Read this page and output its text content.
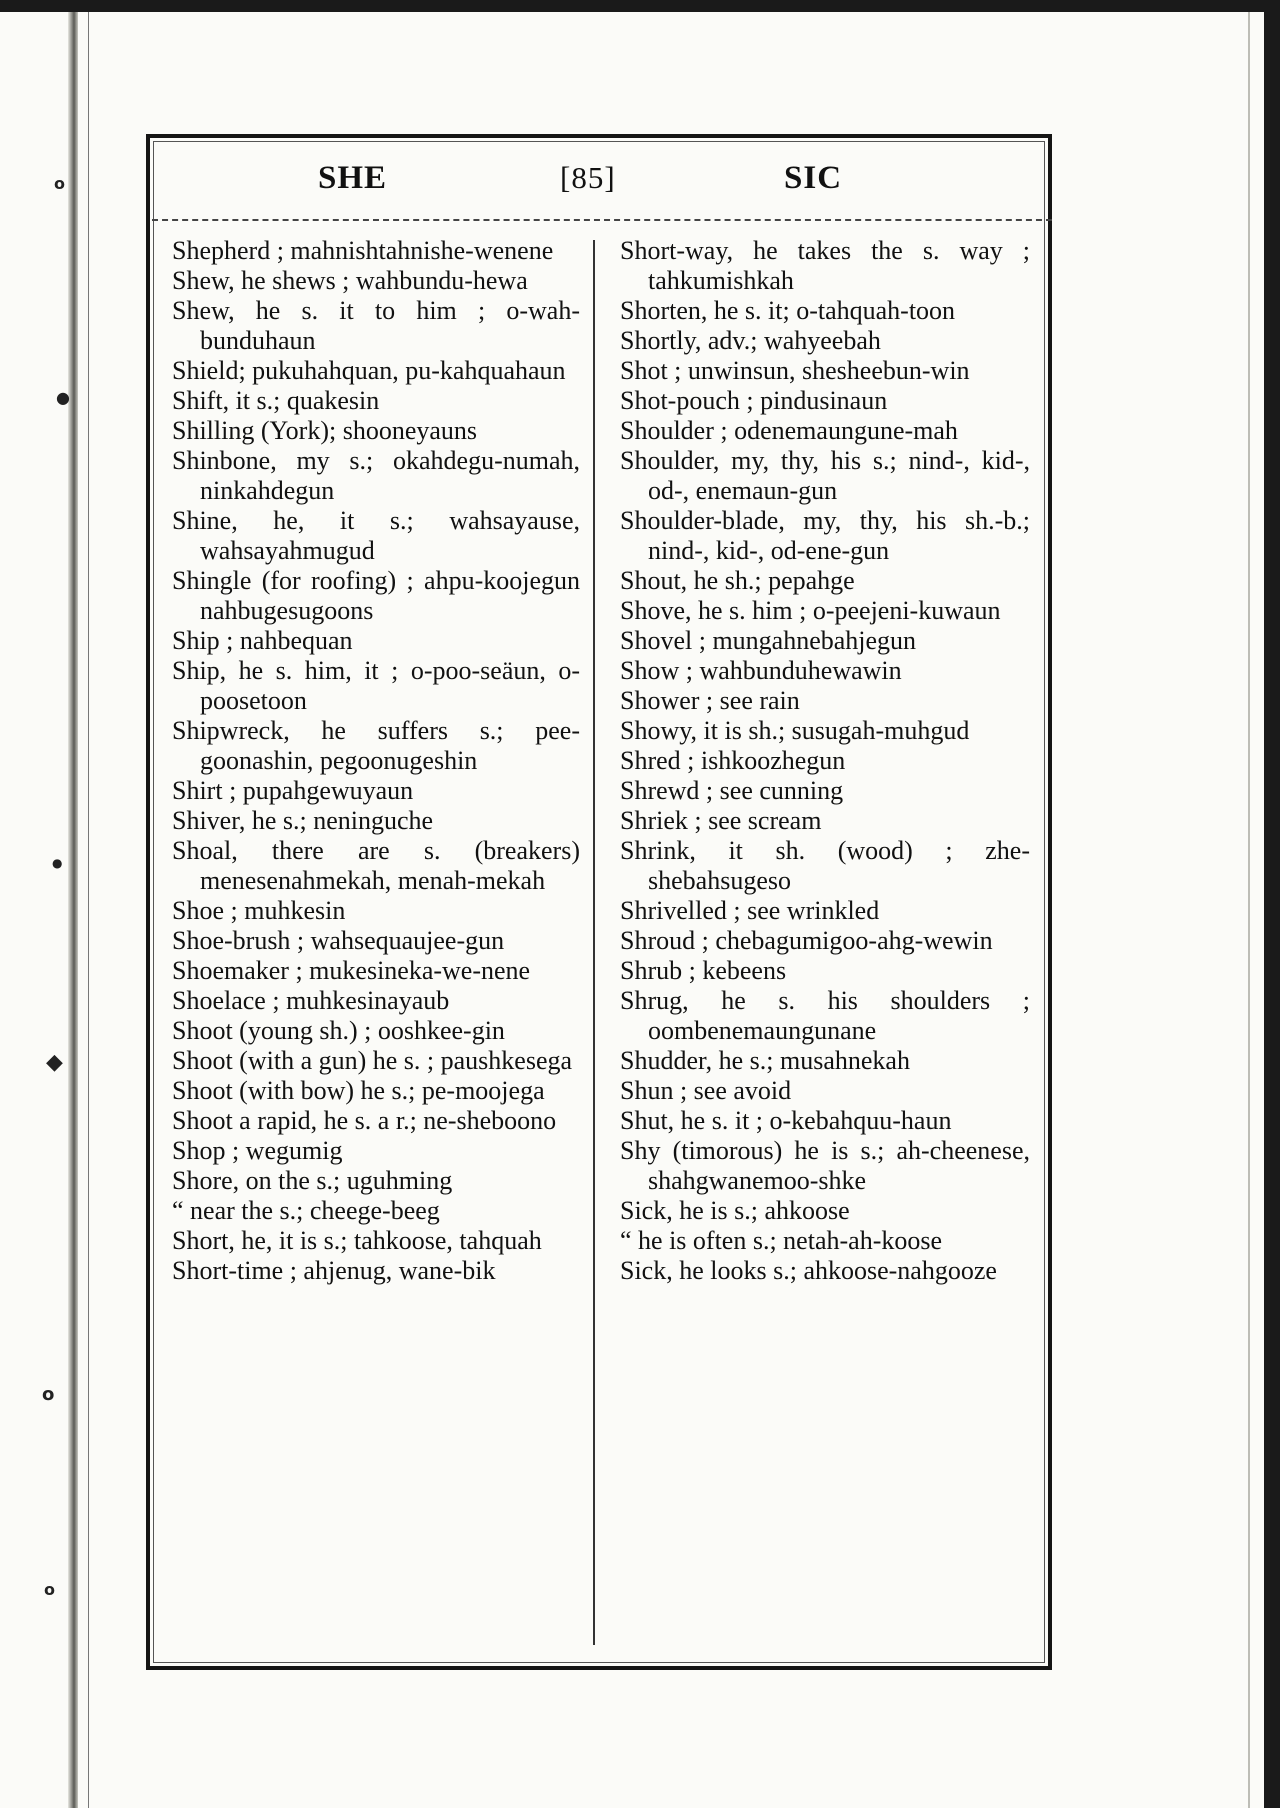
o
●
●
◆
o
o
SHE	[85]	SIC

Shepherd ; mahnishtahnishe-wenene

Shew, he shews ; wahbundu-hewa

Shew, he s. it to him ; o-wah-bunduhaun

Shield; pukuhahquan, pu-kahquahaun

Shift, it s.; quakesin

Shilling (York); shooneyauns

Shinbone, my s.; okahdegu-numah, ninkahdegun

Shine, he, it s.; wahsayause, wahsayahmugud

Shingle (for roofing) ; ahpu-koojegun nahbugesugoons

Ship ; nahbequan

Ship, he s. him, it ; o-poo-seäun, o-poosetoon

Shipwreck, he suffers s.; pee-goonashin, pegoonugeshin

Shirt ; pupahgewuyaun

Shiver, he s.; neninguche

Shoal, there are s. (breakers) menesenahmekah, menah-mekah

Shoe ; muhkesin

Shoe-brush ; wahsequaujee-gun

Shoemaker ; mukesineka-we-nene

Shoelace ; muhkesinayaub

Shoot (young sh.) ; ooshkee-gin

Shoot (with a gun) he s. ; paushkesega

Shoot (with bow) he s.; pe-moojega

Shoot a rapid, he s. a r.; ne-sheboono

Shop ; wegumig

Shore, on the s.; uguhming

“ near the s.; cheege-beeg

Short, he, it is s.; tahkoose, tahquah

Short-time ; ahjenug, wane-bik

Short-way, he takes the s. way ; tahkumishkah

Shorten, he s. it; o-tahquah-toon

Shortly, adv.; wahyeebah

Shot ; unwinsun, shesheebun-win

Shot-pouch ; pindusinaun

Shoulder ; odenemaungune-mah

Shoulder, my, thy, his s.; nind-, kid-, od-, enemaun-gun

Shoulder-blade, my, thy, his sh.-b.; nind-, kid-, od-ene-gun

Shout, he sh.; pepahge

Shove, he s. him ; o-peejeni-kuwaun

Shovel ; mungahnebahjegun

Show ; wahbunduhewawin

Shower ; see rain

Showy, it is sh.; susugah-muhgud

Shred ; ishkoozhegun

Shrewd ; see cunning

Shriek ; see scream

Shrink, it sh. (wood) ; zhe-shebahsugeso

Shrivelled ; see wrinkled

Shroud ; chebagumigoo-ahg-wewin

Shrub ; kebeens

Shrug, he s. his shoulders ; oombenemaungunane

Shudder, he s.; musahnekah

Shun ; see avoid

Shut, he s. it ; o-kebahquu-haun

Shy (timorous) he is s.; ah-cheenese, shahgwanemoo-shke

Sick, he is s.; ahkoose

“ he is often s.; netah-ah-koose

Sick, he looks s.; ahkoose-nahgooze
